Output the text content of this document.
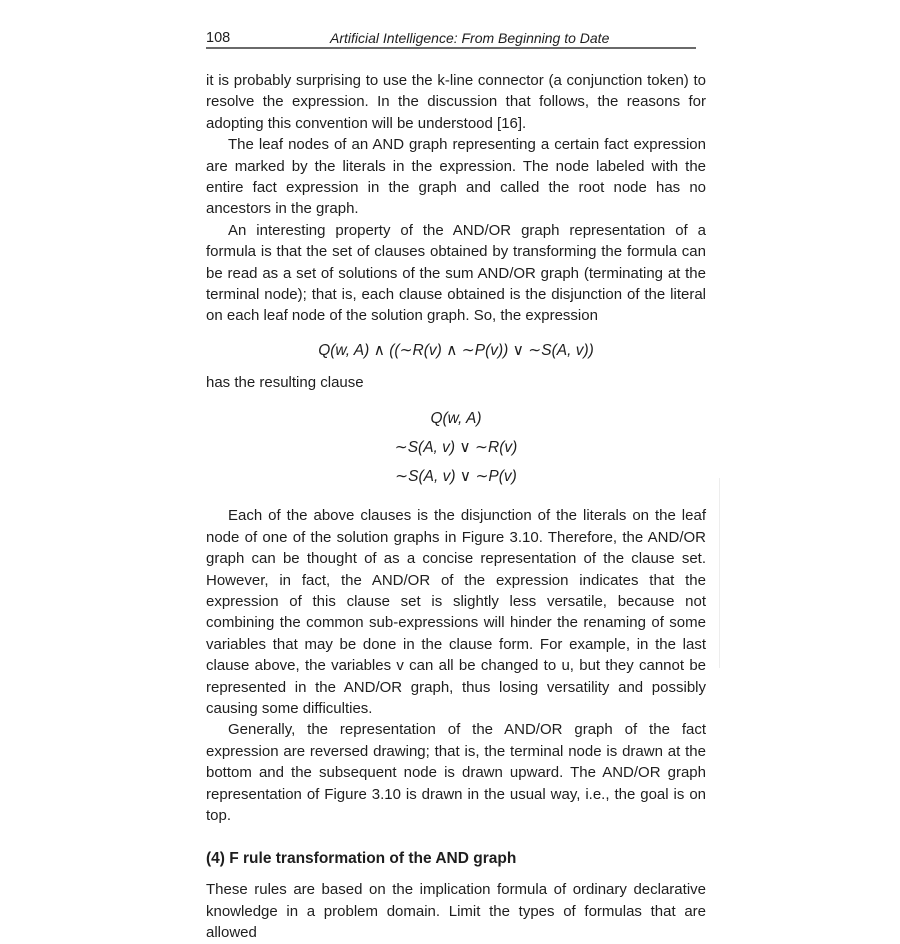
108	Artificial Intelligence: From Beginning to Date

it is probably surprising to use the k-line connector (a conjunction token) to resolve the expression. In the discussion that follows, the reasons for adopting this convention will be understood [16].

The leaf nodes of an AND graph representing a certain fact expression are marked by the literals in the expression. The node labeled with the entire fact expression in the graph and called the root node has no ancestors in the graph.

An interesting property of the AND/OR graph representation of a formula is that the set of clauses obtained by transforming the formula can be read as a set of solutions of the sum AND/OR graph (terminating at the terminal node); that is, each clause obtained is the disjunction of the literal on each leaf node of the solution graph. So, the expression

Q(w, A) ∧ ((∼R(v) ∧ ∼P(v)) ∨ ∼S(A, v))

has the resulting clause

Q(w, A)
∼S(A, v) ∨ ∼R(v)
∼S(A, v) ∨ ∼P(v)

Each of the above clauses is the disjunction of the literals on the leaf node of one of the solution graphs in Figure 3.10. Therefore, the AND/OR graph can be thought of as a concise representation of the clause set. However, in fact, the AND/OR of the expression indicates that the expression of this clause set is slightly less versatile, because not combining the common sub-expressions will hinder the renaming of some variables that may be done in the clause form. For example, in the last clause above, the variables v can all be changed to u, but they cannot be represented in the AND/OR graph, thus losing versatility and possibly causing some difficulties.

Generally, the representation of the AND/OR graph of the fact expression are reversed drawing; that is, the terminal node is drawn at the bottom and the subsequent node is drawn upward. The AND/OR graph representation of Figure 3.10 is drawn in the usual way, i.e., the goal is on top.

(4) F rule transformation of the AND graph

These rules are based on the implication formula of ordinary declarative knowledge in a problem domain. Limit the types of formulas that are allowed
